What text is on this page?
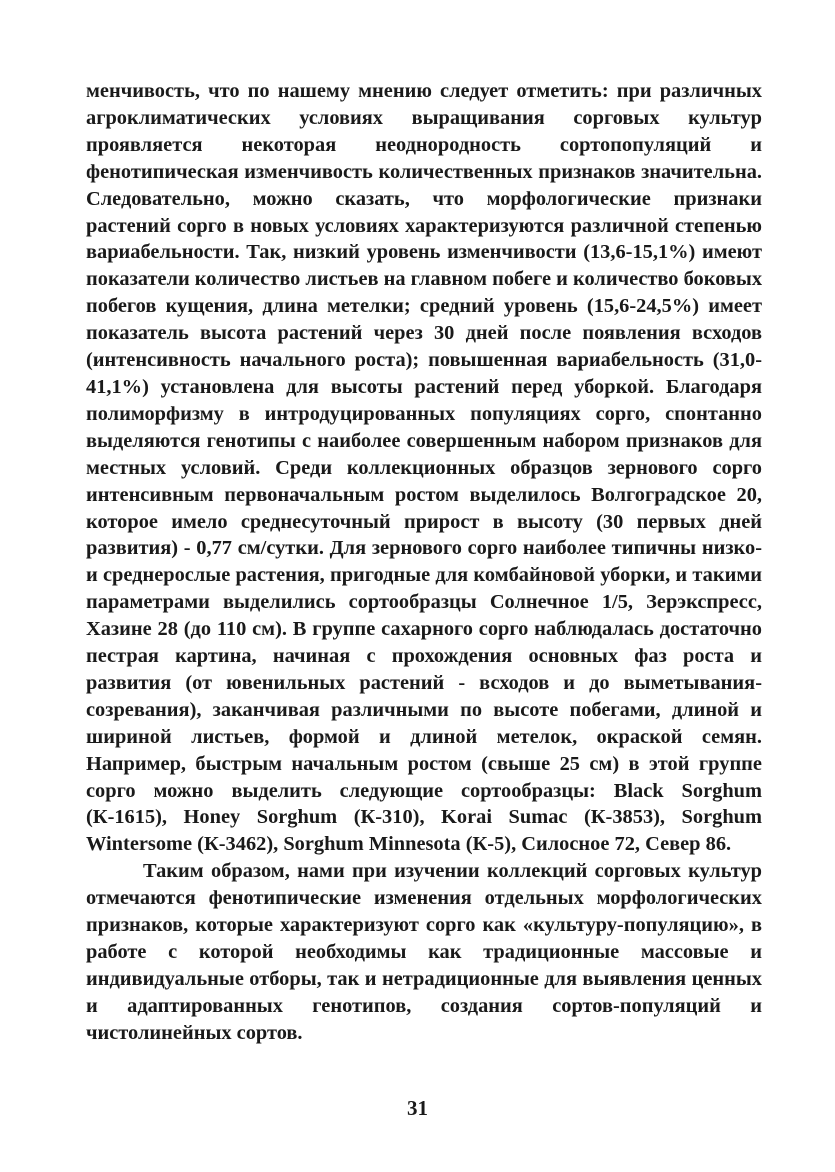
менчивость, что по нашему мнению следует отметить: при различных агроклиматических условиях выращивания сорговых культур проявляется некоторая неоднородность сортопопуляций и фенотипическая изменчивость количественных признаков значительна. Следовательно, можно сказать, что морфологические признаки растений сорго в новых условиях характеризуются различной степенью вариабельности. Так, низкий уровень изменчивости (13,6-15,1%) имеют показатели количество листьев на главном побеге и количество боковых побегов кущения, длина метелки; средний уровень (15,6-24,5%) имеет показатель высота растений через 30 дней после появления всходов (интенсивность начального роста); повышенная вариабельность (31,0-41,1%) установлена для высоты растений перед уборкой. Благодаря полиморфизму в интродуцированных популяциях сорго, спонтанно выделяются генотипы с наиболее совершенным набором признаков для местных условий. Среди коллекционных образцов зернового сорго интенсивным первоначальным ростом выделилось Волгоградское 20, которое имело среднесуточный прирост в высоту (30 первых дней развития) - 0,77 см/сутки. Для зернового сорго наиболее типичны низко- и среднерослые растения, пригодные для комбайновой уборки, и такими параметрами выделились сортообразцы Солнечное 1/5, Зерэкспресс, Хазине 28 (до 110 см). В группе сахарного сорго наблюдалась достаточно пестрая картина, начиная с прохождения основных фаз роста и развития (от ювенильных растений - всходов и до выметывания-созревания), заканчивая различными по высоте побегами, длиной и шириной листьев, формой и длиной метелок, окраской семян. Например, быстрым начальным ростом (свыше 25 см) в этой группе сорго можно выделить следующие сортообразцы: Black Sorghum (К-1615), Honey Sorghum (К-310), Korai Sumac (К-3853), Sorghum Wintersome (К-3462), Sorghum Minnesota (К-5), Силосное 72, Север 86.

Таким образом, нами при изучении коллекций сорговых культур отмечаются фенотипические изменения отдельных морфологических признаков, которые характеризуют сорго как «культуру-популяцию», в работе с которой необходимы как традиционные массовые и индивидуальные отборы, так и нетрадиционные для выявления ценных и адаптированных генотипов, создания сортов-популяций и чистолинейных сортов.

31
